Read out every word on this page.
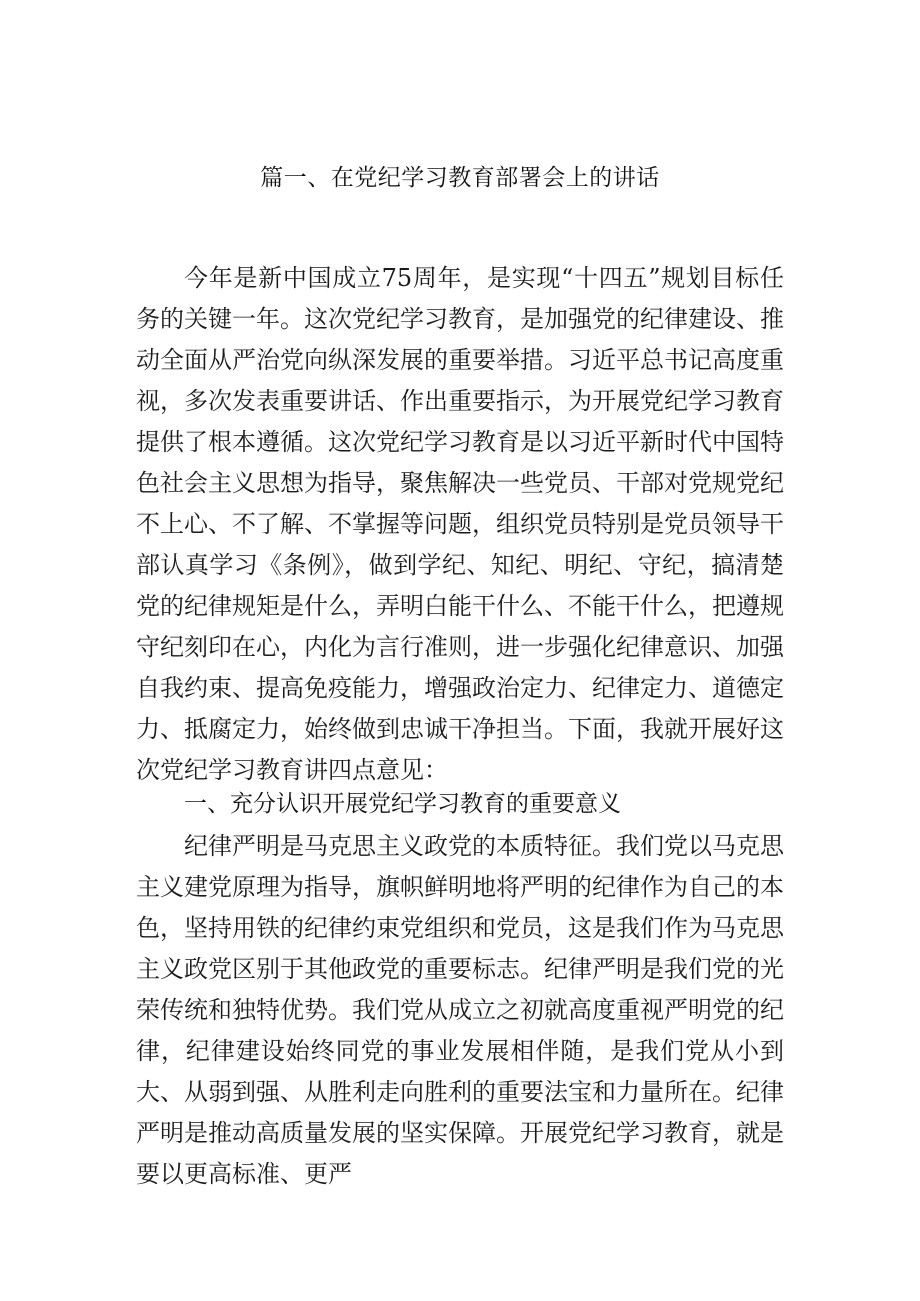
篇一、在党纪学习教育部署会上的讲话

今年是新中国成立75周年，是实现“十四五”规划目标任务的关键一年。这次党纪学习教育，是加强党的纪律建设、推动全面从严治党向纵深发展的重要举措。习近平总书记高度重视，多次发表重要讲话、作出重要指示，为开展党纪学习教育提供了根本遵循。这次党纪学习教育是以习近平新时代中国特色社会主义思想为指导，聚焦解决一些党员、干部对党规党纪不上心、不了解、不掌握等问题，组织党员特别是党员领导干部认真学习《条例》，做到学纪、知纪、明纪、守纪，搞清楚党的纪律规矩是什么，弄明白能干什么、不能干什么，把遵规守纪刻印在心，内化为言行准则，进一步强化纪律意识、加强自我约束、提高免疫能力，增强政治定力、纪律定力、道德定力、抵腐定力，始终做到忠诚干净担当。下面，我就开展好这次党纪学习教育讲四点意见：

一、充分认识开展党纪学习教育的重要意义

纪律严明是马克思主义政党的本质特征。我们党以马克思主义建党原理为指导，旗帜鲜明地将严明的纪律作为自己的本色，坚持用铁的纪律约束党组织和党员，这是我们作为马克思主义政党区别于其他政党的重要标志。纪律严明是我们党的光荣传统和独特优势。我们党从成立之初就高度重视严明党的纪律，纪律建设始终同党的事业发展相伴随，是我们党从小到大、从弱到强、从胜利走向胜利的重要法宝和力量所在。纪律严明是推动高质量发展的坚实保障。开展党纪学习教育，就是要以更高标准、更严
